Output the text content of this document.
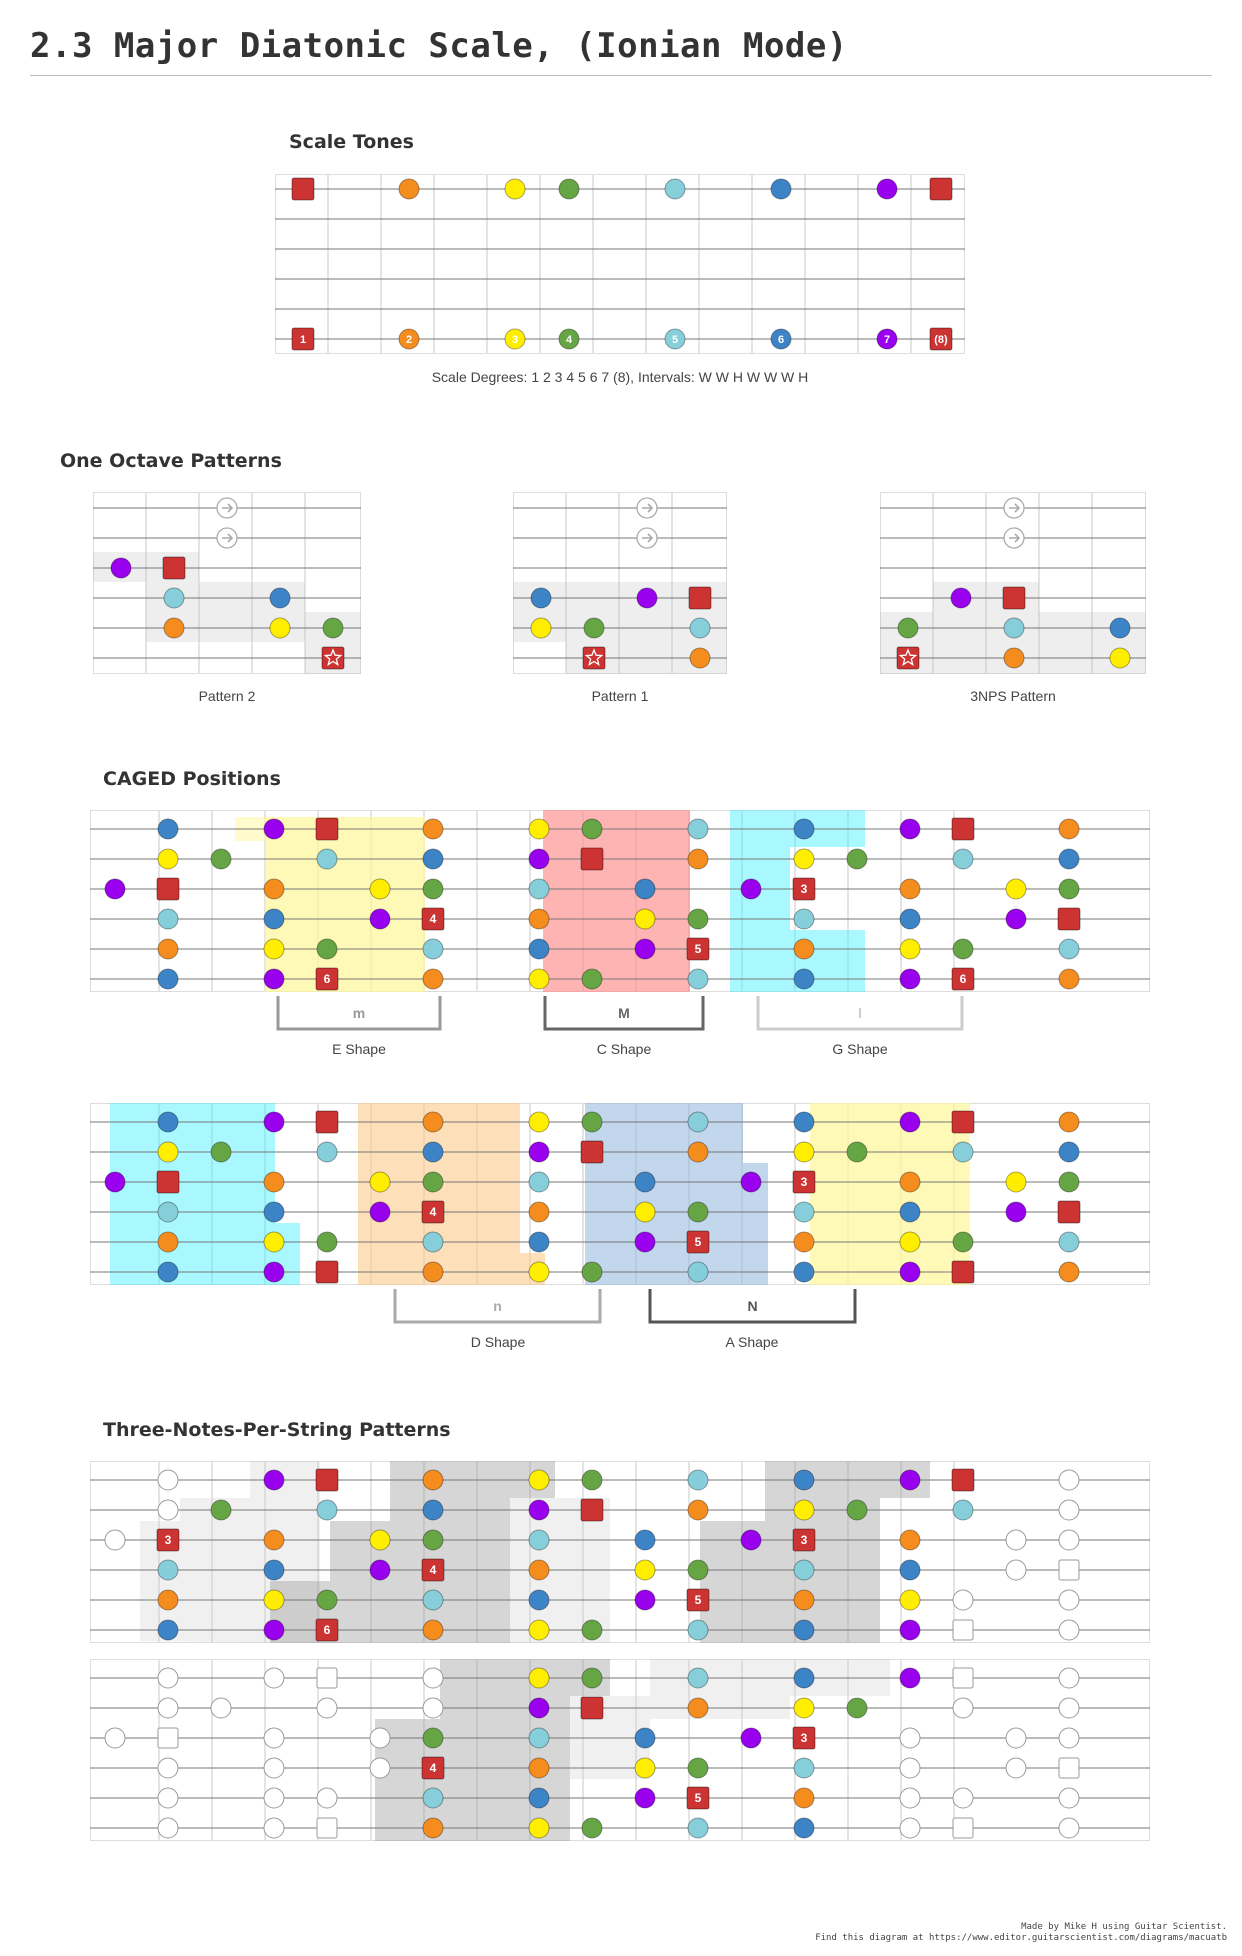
2.3 Major Diatonic Scale, (Ionian Mode)
Scale Tones
1	2	3	4	5	6	7	(8)

Scale Degrees: 1 2 3 4 5 6 7 (8), Intervals: W W H W W W H

One Octave Patterns

Pattern 2	Pattern 1	3NPS Pattern

CAGED Positions
3
4
5
6	6
m	M	l
E Shape	C Shape	G Shape
3
4
5
n	N
D Shape	A Shape
Three-Notes-Per-String Patterns
3	3
4
5
6
3
4
5
Made by Mike H using Guitar Scientist.
Find this diagram at https://www.editor.guitarscientist.com/diagrams/macuatb
